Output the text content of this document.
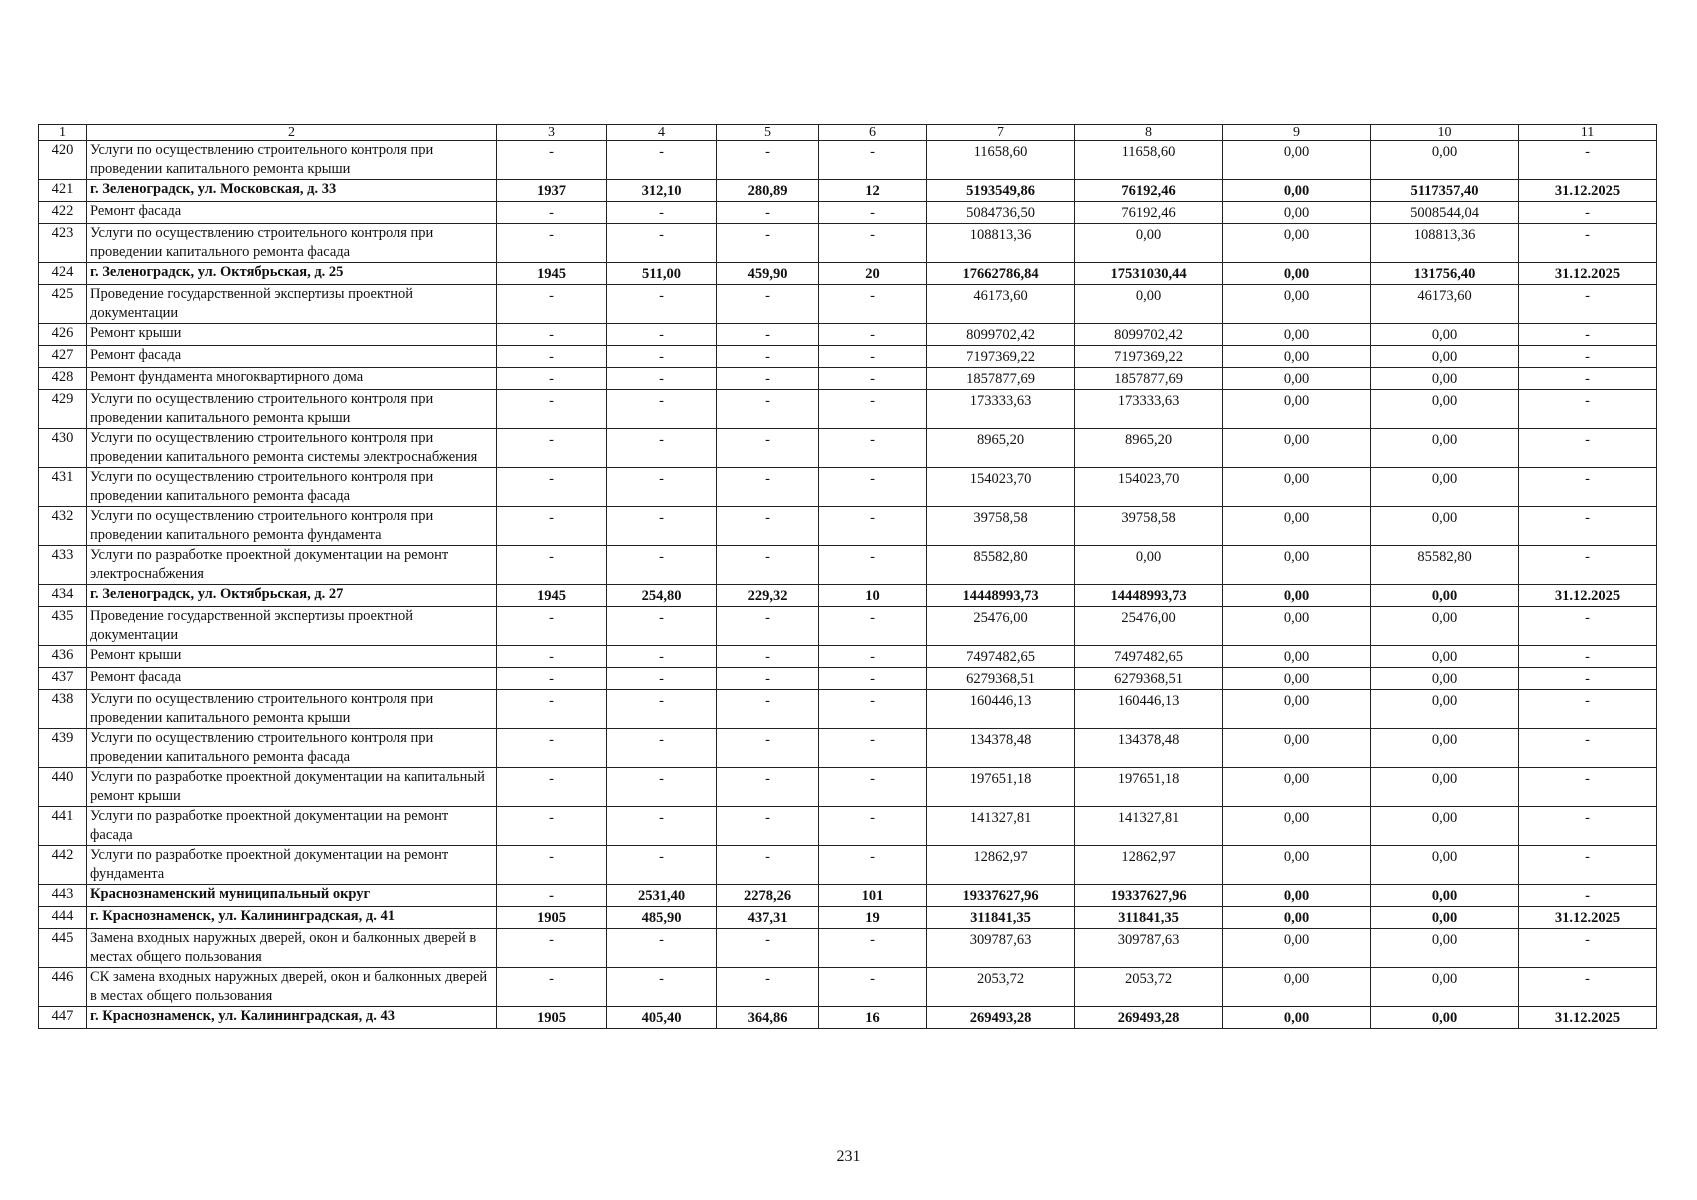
1	2	3	4	5	6	7	8	9	10	11
420	Услуги по осуществлению строительного контроля при проведении капитального ремонта крыши	-	-	-	-	11658,60	11658,60	0,00	0,00	-
421	г. Зеленоградск, ул. Московская, д. 33	1937	312,10	280,89	12	5193549,86	76192,46	0,00	5117357,40	31.12.2025
422	Ремонт фасада	-	-	-	-	5084736,50	76192,46	0,00	5008544,04	-
423	Услуги по осуществлению строительного контроля при проведении капитального ремонта фасада	-	-	-	-	108813,36	0,00	0,00	108813,36	-
424	г. Зеленоградск, ул. Октябрьская, д. 25	1945	511,00	459,90	20	17662786,84	17531030,44	0,00	131756,40	31.12.2025
425	Проведение государственной экспертизы проектной документации	-	-	-	-	46173,60	0,00	0,00	46173,60	-
426	Ремонт крыши	-	-	-	-	8099702,42	8099702,42	0,00	0,00	-
427	Ремонт фасада	-	-	-	-	7197369,22	7197369,22	0,00	0,00	-
428	Ремонт фундамента многоквартирного дома	-	-	-	-	1857877,69	1857877,69	0,00	0,00	-
429	Услуги по осуществлению строительного контроля при проведении капитального ремонта крыши	-	-	-	-	173333,63	173333,63	0,00	0,00	-
430	Услуги по осуществлению строительного контроля при проведении капитального ремонта системы электроснабжения	-	-	-	-	8965,20	8965,20	0,00	0,00	-
431	Услуги по осуществлению строительного контроля при проведении капитального ремонта фасада	-	-	-	-	154023,70	154023,70	0,00	0,00	-
432	Услуги по осуществлению строительного контроля при проведении капитального ремонта фундамента	-	-	-	-	39758,58	39758,58	0,00	0,00	-
433	Услуги по разработке проектной документации на ремонт электроснабжения	-	-	-	-	85582,80	0,00	0,00	85582,80	-
434	г. Зеленоградск, ул. Октябрьская, д. 27	1945	254,80	229,32	10	14448993,73	14448993,73	0,00	0,00	31.12.2025
435	Проведение государственной экспертизы проектной документации	-	-	-	-	25476,00	25476,00	0,00	0,00	-
436	Ремонт крыши	-	-	-	-	7497482,65	7497482,65	0,00	0,00	-
437	Ремонт фасада	-	-	-	-	6279368,51	6279368,51	0,00	0,00	-
438	Услуги по осуществлению строительного контроля при проведении капитального ремонта крыши	-	-	-	-	160446,13	160446,13	0,00	0,00	-
439	Услуги по осуществлению строительного контроля при проведении капитального ремонта фасада	-	-	-	-	134378,48	134378,48	0,00	0,00	-
440	Услуги по разработке проектной документации на капитальный ремонт крыши	-	-	-	-	197651,18	197651,18	0,00	0,00	-
441	Услуги по разработке проектной документации на ремонт фасада	-	-	-	-	141327,81	141327,81	0,00	0,00	-
442	Услуги по разработке проектной документации на ремонт фундамента	-	-	-	-	12862,97	12862,97	0,00	0,00	-
443	Краснознаменский муниципальный округ	-	2531,40	2278,26	101	19337627,96	19337627,96	0,00	0,00	-
444	г. Краснознаменск, ул. Калининградская, д. 41	1905	485,90	437,31	19	311841,35	311841,35	0,00	0,00	31.12.2025
445	Замена входных наружных дверей, окон и балконных дверей в местах общего пользования	-	-	-	-	309787,63	309787,63	0,00	0,00	-
446	СК замена входных наружных дверей, окон и балконных дверей в местах общего пользования	-	-	-	-	2053,72	2053,72	0,00	0,00	-
447	г. Краснознаменск, ул. Калининградская, д. 43	1905	405,40	364,86	16	269493,28	269493,28	0,00	0,00	31.12.2025
231
